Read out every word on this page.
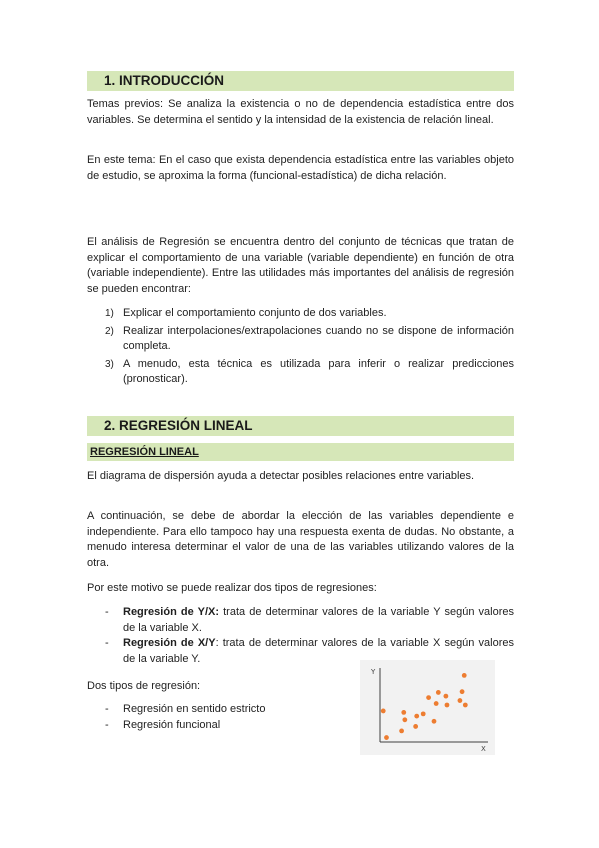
1. INTRODUCCIÓN

Temas previos: Se analiza la existencia o no de dependencia estadística entre dos variables. Se determina el sentido y la intensidad de la existencia de relación lineal.

En este tema: En el caso que exista dependencia estadística entre las variables objeto de estudio, se aproxima la forma (funcional-estadística) de dicha relación.

El análisis de Regresión se encuentra dentro del conjunto de técnicas que tratan de explicar el comportamiento de una variable (variable dependiente) en función de otra (variable independiente). Entre las utilidades más importantes del análisis de regresión se pueden encontrar:

1) Explicar el comportamiento conjunto de dos variables.
2) Realizar interpolaciones/extrapolaciones cuando no se dispone de información completa.
3) A menudo, esta técnica es utilizada para inferir o realizar predicciones (pronosticar).
2. REGRESIÓN LINEAL
REGRESIÓN LINEAL

El diagrama de dispersión ayuda a detectar posibles relaciones entre variables.

A continuación, se debe de abordar la elección de las variables dependiente e independiente. Para ello tampoco hay una respuesta exenta de dudas. No obstante, a menudo interesa determinar el valor de una de las variables utilizando valores de la otra.

Por este motivo se puede realizar dos tipos de regresiones:

- Regresión de Y/X: trata de determinar valores de la variable Y según valores de la variable X.
- Regresión de X/Y: trata de determinar valores de la variable X según valores de la variable Y.

Dos tipos de regresión:

- Regresión en sentido estricto
- Regresión funcional
Y
X
